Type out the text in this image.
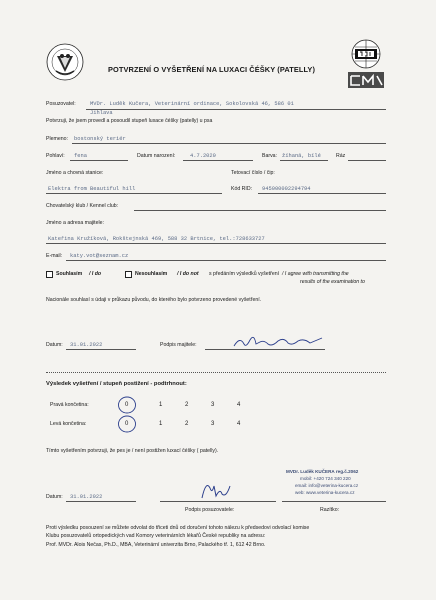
POTVRZENÍ O VYŠETŘENÍ NA LUXACI ČÉŠKY (PATELLY)
Posuzovatel:	MVDr. Luděk Kučera, Veterinární ordinace, Sokolovská 46, 586 01
Jihlava
Potvrzuji, že jsem provedl a posoudil stupeň luxace čéšky (patelly) u psa
Plemeno: bostonský teriér
Pohlaví: fena	Datum narození:	4.7.2020	Barva: žíhaná, bílé	Ráz
Jméno a chovná stanice:	Tetovací číslo / čip:
Elektra from Beautiful hill	Kód RID: 945000002294794
Chovatelský klub / Kennel club:
Jméno a adresa majitele:
Kateřina Kružíková, Rokštejnská 469, 588 32 Brtnice, tel.:728633727
E-mail: katy.vot@seznam.cz
Souhlasím / I do	Nesouhlasím / I do not s předáním výsledků vyšetření / I agree with transmitting the
results of the examination to
Nacionále souhlasí s údaji v průkazu původu, do kterého bylo potvrzeno provedené vyšetření.
Datum: 31.01.2022	Podpis majitele:
Výsledek vyšetření / stupeň postižení - podtrhnout:
Pravá končetina:	0	1	2	3	4
Levá končetina:	0	1	2	3	4
Tímto vyšetřením potvrzuji, že pes je / není postižen luxací čéšky ( patelly).
MVDr. Luděk KUČERA reg.č.2062
mobil: +420 724 340 220
email: info@veterina-kucera.cz
web: www.veterina-kucera.cz
Datum: 31.01.2022
Podpis posuzovatele:	Razítko:
Proti výsledku posouzení se můžete odvolat do třiceti dnů od doručení tohoto nálezu k předsedovi odvolací komise
Klubu posuzovatelů ortopedických vad Komory veterinárních lékařů České republiky na adresu:
Prof. MVDr. Alois Nečas, Ph.D., MBA, Veterinární univerzita Brno, Palackého tř. 1, 612 42 Brno.
